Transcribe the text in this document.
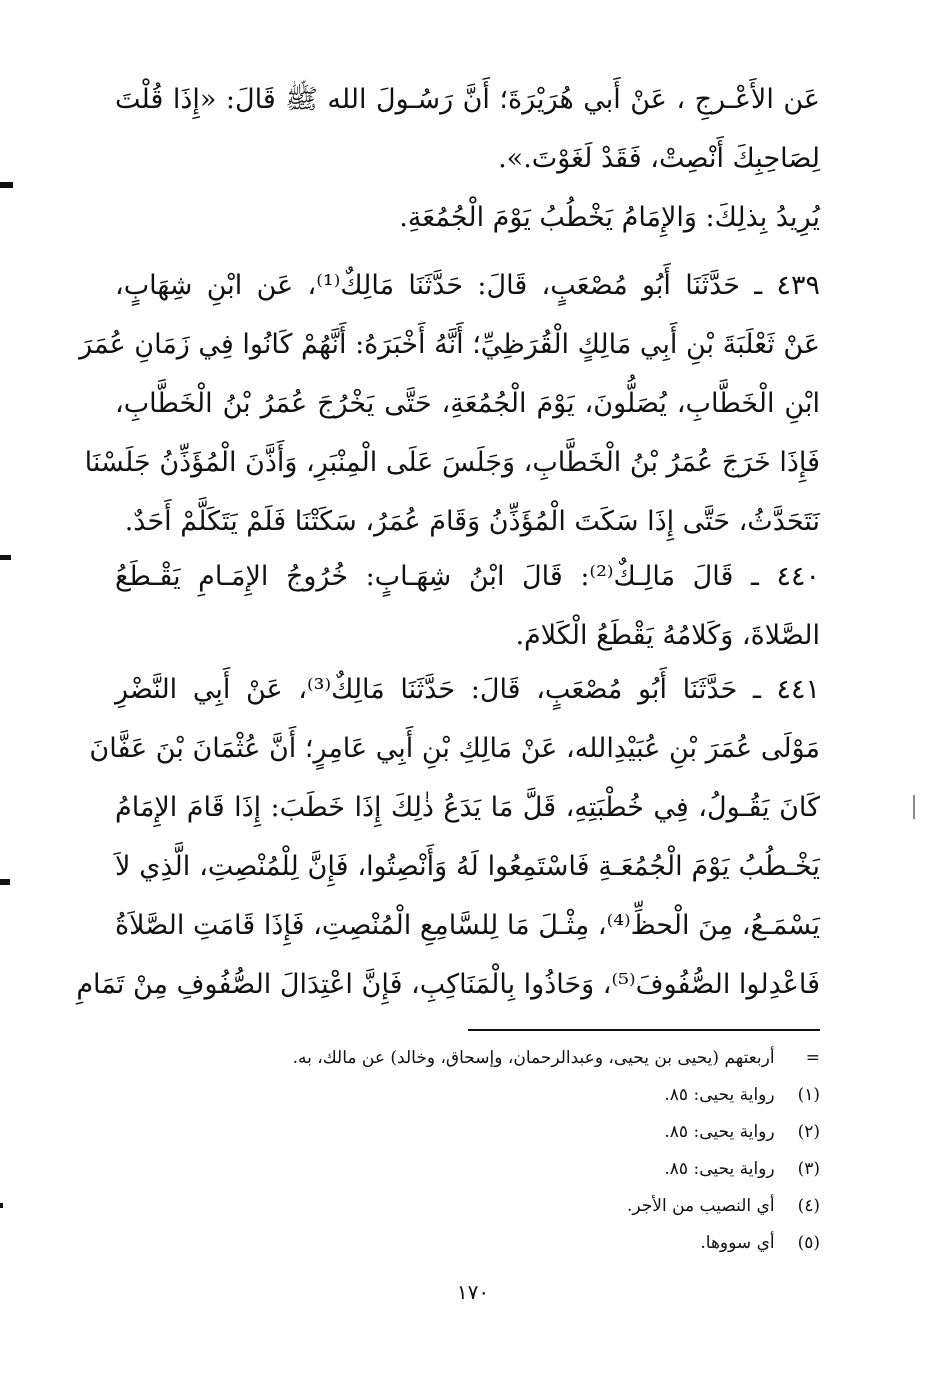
عَن الأَعْـرجِ ، عَنْ أَبي هُرَيْرَةَ؛ أَنَّ رَسُـولَ الله ﷺ قَالَ: «إِذَا قُلْتَ
لِصَاحِبِكَ أَنْصِتْ، فَقَدْ لَغَوْتَ.».
يُرِيدُ بِذلِكَ: وَالإِمَامُ يَخْطُبُ يَوْمَ الْجُمُعَةِ.
٤٣٩ ـ حَدَّثَنَا أَبُو مُصْعَبٍ، قَالَ: حَدَّثَنَا مَالِكٌ⁽¹⁾، عَن ابْنِ شِهَابٍ،
عَنْ ثَعْلَبَةَ بْنِ أَبِي مَالِكٍ الْقُرَظِيِّ؛ أَنَّهُ أَخْبَرَهُ: أَنَّهُمْ كَانُوا فِي زَمَانِ عُمَرَ
ابْنِ الْخَطَّابِ، يُصَلُّونَ، يَوْمَ الْجُمُعَةِ، حَتَّى يَخْرُجَ عُمَرُ بْنُ الْخَطَّابِ،
فَإِذَا خَرَجَ عُمَرُ بْنُ الْخَطَّابِ، وَجَلَسَ عَلَى الْمِنْبَرِ، وَأَذَّنَ الْمُؤَذِّنُ جَلَسْنَا
نَتَحَدَّثُ، حَتَّى إِذَا سَكَتَ الْمُؤَذِّنُ وَقَامَ عُمَرُ، سَكَتْنَا فَلَمْ يَتَكَلَّمْ أَحَدٌ.
٤٤٠ ـ قَالَ مَالِـكٌ⁽²⁾: قَالَ ابْنُ شِهَـابٍ: خُرُوجُ الإِمَـامِ يَقْـطَعُ
الصَّلاةَ، وَكَلامُهُ يَقْطَعُ الْكَلامَ.
٤٤١ ـ حَدَّثَنَا أَبُو مُصْعَبٍ، قَالَ: حَدَّثَنَا مَالِكٌ⁽³⁾، عَنْ أَبِي النَّضْرِ
مَوْلَى عُمَرَ بْنِ عُبَيْدِالله، عَنْ مَالِكِ بْنِ أَبِي عَامِرٍ؛ أَنَّ عُثْمَانَ بْنَ عَفَّانَ
كَانَ يَقُـولُ، فِي خُطْبَتِهِ، قَلَّ مَا يَدَعُ ذٰلِكَ إِذَا خَطَبَ: إِذَا قَامَ الإِمَامُ
يَخْـطُبُ يَوْمَ الْجُمُعَـةِ فَاسْتَمِعُوا لَهُ وَأَنْصِتُوا، فَإِنَّ لِلْمُنْصِتِ، الَّذِي لاَ
يَسْمَـعُ، مِنَ الْحظِّ⁽⁴⁾، مِثْـلَ مَا لِلسَّامِعِ الْمُنْصِتِ، فَإِذَا قَامَتِ الصَّلاَةُ
فَاعْدِلوا الصُّفُوفَ⁽⁵⁾، وَحَاذُوا بِالْمَنَاكِبِ، فَإِنَّ اعْتِدَالَ الصُّفُوفِ مِنْ تَمَامِ
= أربعتهم (يحيى بن يحيى، وعبدالرحمان، وإسحاق، وخالد) عن مالك، به.
(١) رواية يحيى: ٨٥.
(٢) رواية يحيى: ٨٥.
(٣) رواية يحيى: ٨٥.
(٤) أي النصيب من الأجر.
(٥) أي سووها.
١٧٠
